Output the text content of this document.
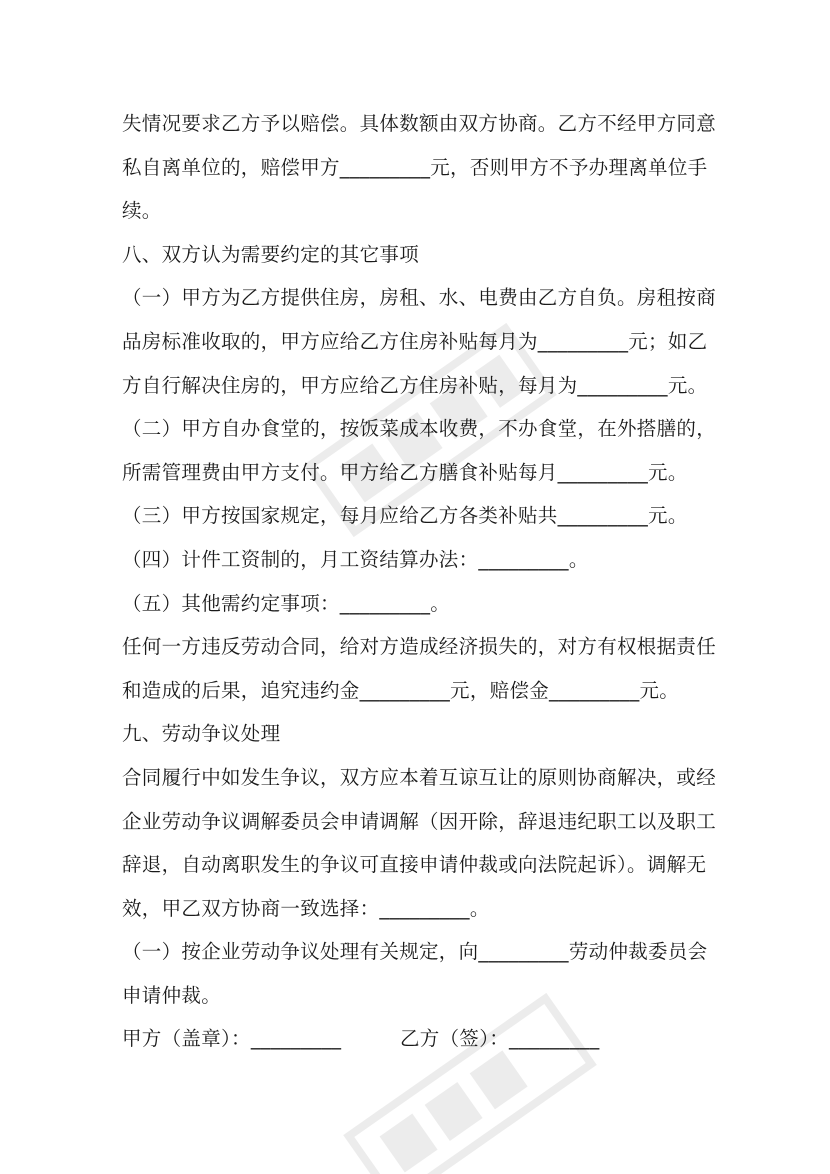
失情况要求乙方予以赔偿。具体数额由双方协商。乙方不经甲方同意
私自离单位的，赔偿甲方_________元，否则甲方不予办理离单位手
续。
八、双方认为需要约定的其它事项
（一）甲方为乙方提供住房，房租、水、电费由乙方自负。房租按商
品房标准收取的，甲方应给乙方住房补贴每月为_________元；如乙
方自行解决住房的，甲方应给乙方住房补贴，每月为_________元。
（二）甲方自办食堂的，按饭菜成本收费，不办食堂，在外搭膳的，
所需管理费由甲方支付。甲方给乙方膳食补贴每月_________元。
（三）甲方按国家规定，每月应给乙方各类补贴共_________元。
（四）计件工资制的，月工资结算办法：_________。
（五）其他需约定事项：_________。
任何一方违反劳动合同，给对方造成经济损失的，对方有权根据责任
和造成的后果，追究违约金_________元，赔偿金_________元。
九、劳动争议处理
合同履行中如发生争议，双方应本着互谅互让的原则协商解决，或经
企业劳动争议调解委员会申请调解（因开除，辞退违纪职工以及职工
辞退，自动离职发生的争议可直接申请仲裁或向法院起诉）。调解无
效，甲乙双方协商一致选择：_________。
（一）按企业劳动争议处理有关规定，向_________劳动仲裁委员会
申请仲裁。
甲方（盖章）：_________	乙方（签）：_________
